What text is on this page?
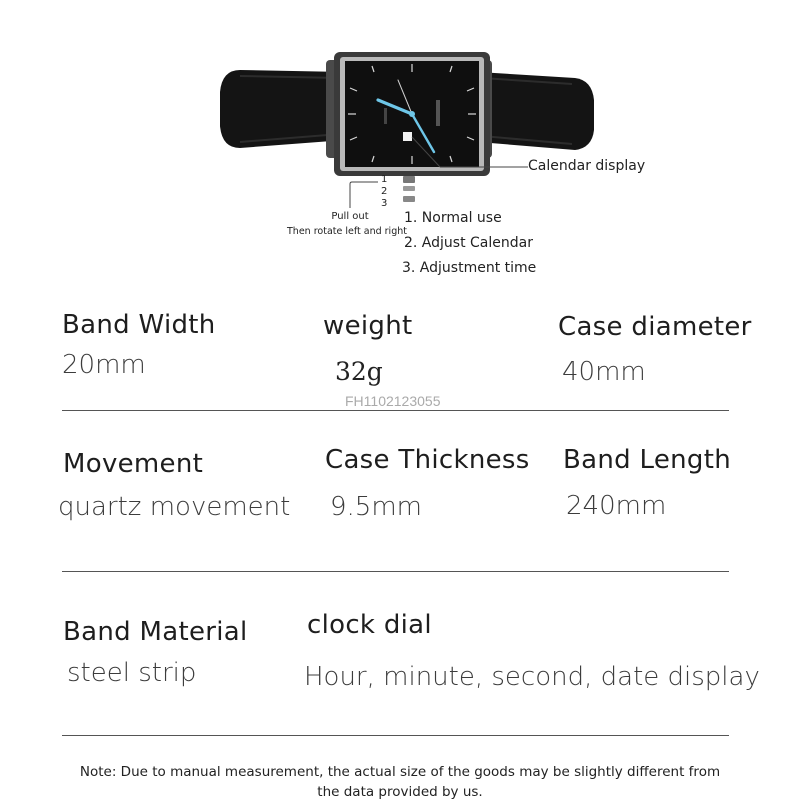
Calendar display
1
2
3
Pull out
Then rotate left and right
1. Normal use
2. Adjust Calendar
3. Adjustment time
Band Width
20mm
weight
32g
Case diameter
40mm
FH1102123055
Movement
quartz movement
Case Thickness
9.5mm
Band Length
240mm
Band Material
steel strip
clock dial
Hour, minute, second, date display
Note: Due to manual measurement, the actual size of the goods may be slightly different from
the data provided by us.
